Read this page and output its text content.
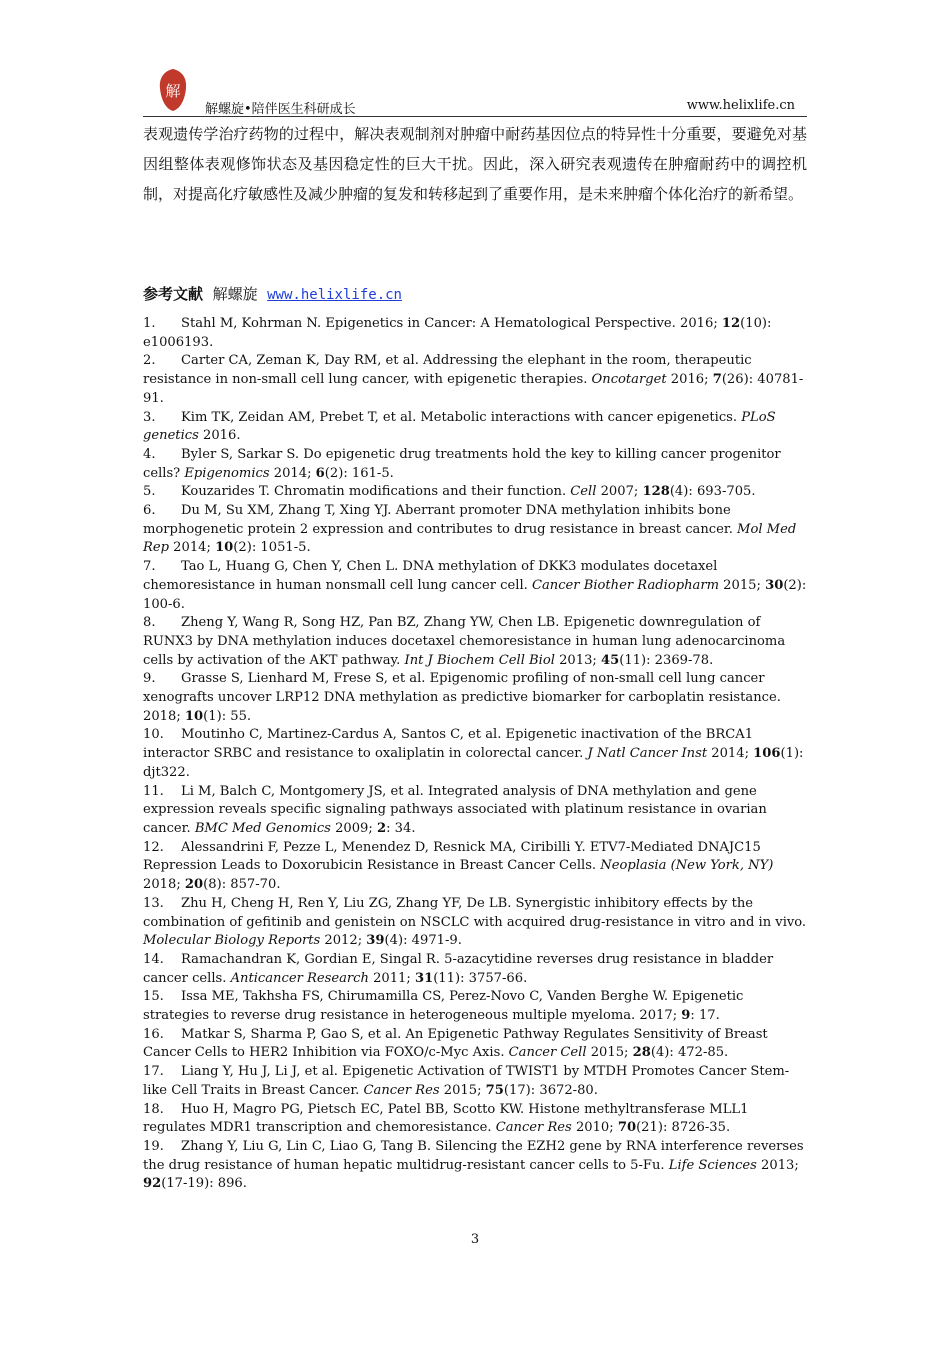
解
解螺旋•陪伴医生科研成长	www.helixlife.cn
表观遗传学治疗药物的过程中，解决表观制剂对肿瘤中耐药基因位点的特异性十分重要，要避免对基因组整体表观修饰状态及基因稳定性的巨大干扰。因此，深入研究表观遗传在肿瘤耐药中的调控机制，对提高化疗敏感性及减少肿瘤的复发和转移起到了重要作用，是未来肿瘤个体化治疗的新希望。
参考文献 解螺旋 www.helixlife.cn

1. Stahl M, Kohrman N. Epigenetics in Cancer: A Hematological Perspective. 2016; 12(10): e1006193.

2. Carter CA, Zeman K, Day RM, et al. Addressing the elephant in the room, therapeutic resistance in non-small cell lung cancer, with epigenetic therapies. Oncotarget 2016; 7(26): 40781-91.

3. Kim TK, Zeidan AM, Prebet T, et al. Metabolic interactions with cancer epigenetics. PLoS genetics 2016.

4. Byler S, Sarkar S. Do epigenetic drug treatments hold the key to killing cancer progenitor cells? Epigenomics 2014; 6(2): 161-5.

5. Kouzarides T. Chromatin modifications and their function. Cell 2007; 128(4): 693-705.

6. Du M, Su XM, Zhang T, Xing YJ. Aberrant promoter DNA methylation inhibits bone morphogenetic protein 2 expression and contributes to drug resistance in breast cancer. Mol Med Rep 2014; 10(2): 1051-5.

7. Tao L, Huang G, Chen Y, Chen L. DNA methylation of DKK3 modulates docetaxel chemoresistance in human nonsmall cell lung cancer cell. Cancer Biother Radiopharm 2015; 30(2): 100-6.

8. Zheng Y, Wang R, Song HZ, Pan BZ, Zhang YW, Chen LB. Epigenetic downregulation of RUNX3 by DNA methylation induces docetaxel chemoresistance in human lung adenocarcinoma cells by activation of the AKT pathway. Int J Biochem Cell Biol 2013; 45(11): 2369-78.

9. Grasse S, Lienhard M, Frese S, et al. Epigenomic profiling of non-small cell lung cancer xenografts uncover LRP12 DNA methylation as predictive biomarker for carboplatin resistance. 2018; 10(1): 55.

10. Moutinho C, Martinez-Cardus A, Santos C, et al. Epigenetic inactivation of the BRCA1 interactor SRBC and resistance to oxaliplatin in colorectal cancer. J Natl Cancer Inst 2014; 106(1): djt322.

11. Li M, Balch C, Montgomery JS, et al. Integrated analysis of DNA methylation and gene expression reveals specific signaling pathways associated with platinum resistance in ovarian cancer. BMC Med Genomics 2009; 2: 34.

12. Alessandrini F, Pezze L, Menendez D, Resnick MA, Ciribilli Y. ETV7-Mediated DNAJC15 Repression Leads to Doxorubicin Resistance in Breast Cancer Cells. Neoplasia (New York, NY) 2018; 20(8): 857-70.

13. Zhu H, Cheng H, Ren Y, Liu ZG, Zhang YF, De LB. Synergistic inhibitory effects by the combination of gefitinib and genistein on NSCLC with acquired drug-resistance in vitro and in vivo. Molecular Biology Reports 2012; 39(4): 4971-9.

14. Ramachandran K, Gordian E, Singal R. 5-azacytidine reverses drug resistance in bladder cancer cells. Anticancer Research 2011; 31(11): 3757-66.

15. Issa ME, Takhsha FS, Chirumamilla CS, Perez-Novo C, Vanden Berghe W. Epigenetic strategies to reverse drug resistance in heterogeneous multiple myeloma. 2017; 9: 17.

16. Matkar S, Sharma P, Gao S, et al. An Epigenetic Pathway Regulates Sensitivity of Breast Cancer Cells to HER2 Inhibition via FOXO/c-Myc Axis. Cancer Cell 2015; 28(4): 472-85.

17. Liang Y, Hu J, Li J, et al. Epigenetic Activation of TWIST1 by MTDH Promotes Cancer Stem-like Cell Traits in Breast Cancer. Cancer Res 2015; 75(17): 3672-80.

18. Huo H, Magro PG, Pietsch EC, Patel BB, Scotto KW. Histone methyltransferase MLL1 regulates MDR1 transcription and chemoresistance. Cancer Res 2010; 70(21): 8726-35.

19. Zhang Y, Liu G, Lin C, Liao G, Tang B. Silencing the EZH2 gene by RNA interference reverses the drug resistance of human hepatic multidrug-resistant cancer cells to 5-Fu. Life Sciences 2013; 92(17-19): 896.

3
